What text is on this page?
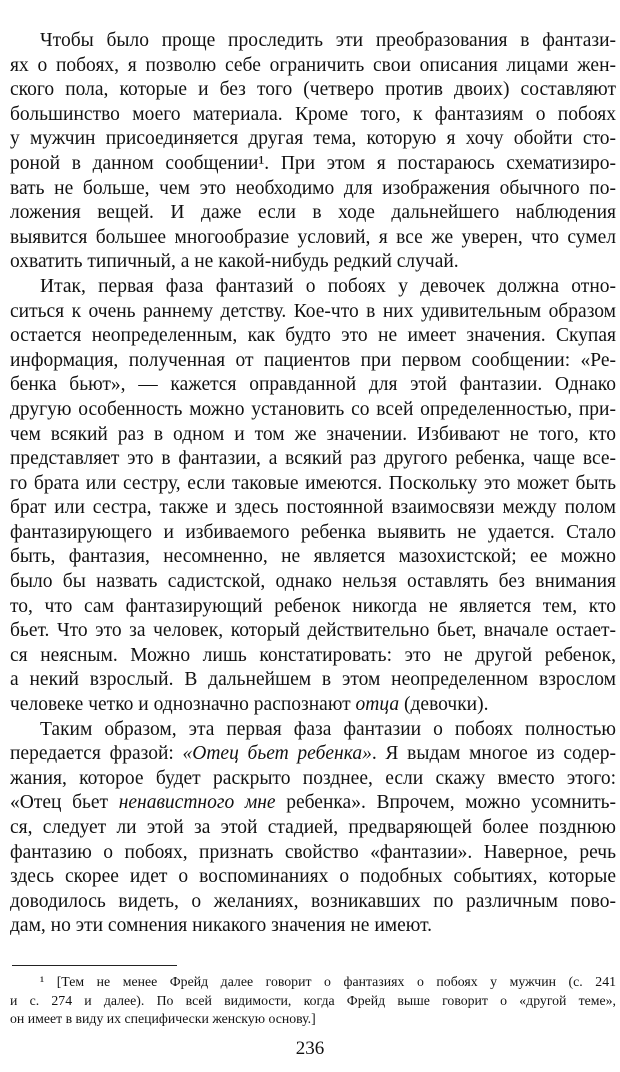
Чтобы было проще проследить эти преобразования в фантази-
ях о побоях, я позволю себе ограничить свои описания лицами жен-
ского пола, которые и без того (четверо против двоих) составляют
большинство моего материала. Кроме того, к фантазиям о побоях
у мужчин присоединяется другая тема, которую я хочу обойти сто-
роной в данном сообщении¹. При этом я постараюсь схематизиро-
вать не больше, чем это необходимо для изображения обычного по-
ложения вещей. И даже если в ходе дальнейшего наблюдения
выявится большее многообразие условий, я все же уверен, что сумел
охватить типичный, а не какой-нибудь редкий случай.
Итак, первая фаза фантазий о побоях у девочек должна отно-
ситься к очень раннему детству. Кое-что в них удивительным образом
остается неопределенным, как будто это не имеет значения. Скупая
информация, полученная от пациентов при первом сообщении: «Ре-
бенка бьют», — кажется оправданной для этой фантазии. Однако
другую особенность можно установить со всей определенностью, при-
чем всякий раз в одном и том же значении. Избивают не того, кто
представляет это в фантазии, а всякий раз другого ребенка, чаще все-
го брата или сестру, если таковые имеются. Поскольку это может быть
брат или сестра, также и здесь постоянной взаимосвязи между полом
фантазирующего и избиваемого ребенка выявить не удается. Стало
быть, фантазия, несомненно, не является мазохистской; ее можно
было бы назвать садистской, однако нельзя оставлять без внимания
то, что сам фантазирующий ребенок никогда не является тем, кто
бьет. Что это за человек, который действительно бьет, вначале остает-
ся неясным. Можно лишь констатировать: это не другой ребенок,
а некий взрослый. В дальнейшем в этом неопределенном взрослом
человеке четко и однозначно распознают отца (девочки).
Таким образом, эта первая фаза фантазии о побоях полностью
передается фразой: «Отец бьет ребенка». Я выдам многое из содер-
жания, которое будет раскрыто позднее, если скажу вместо этого:
«Отец бьет ненавистного мне ребенка». Впрочем, можно усомнить-
ся, следует ли этой за этой стадией, предваряющей более позднюю
фантазию о побоях, признать свойство «фантазии». Наверное, речь
здесь скорее идет о воспоминаниях о подобных событиях, которые
доводилось видеть, о желаниях, возникавших по различным пово-
дам, но эти сомнения никакого значения не имеют.
¹ [Тем не менее Фрейд далее говорит о фантазиях о побоях у мужчин (с. 241
и с. 274 и далее). По всей видимости, когда Фрейд выше говорит о «другой теме»,
он имеет в виду их специфически женскую основу.]
236
